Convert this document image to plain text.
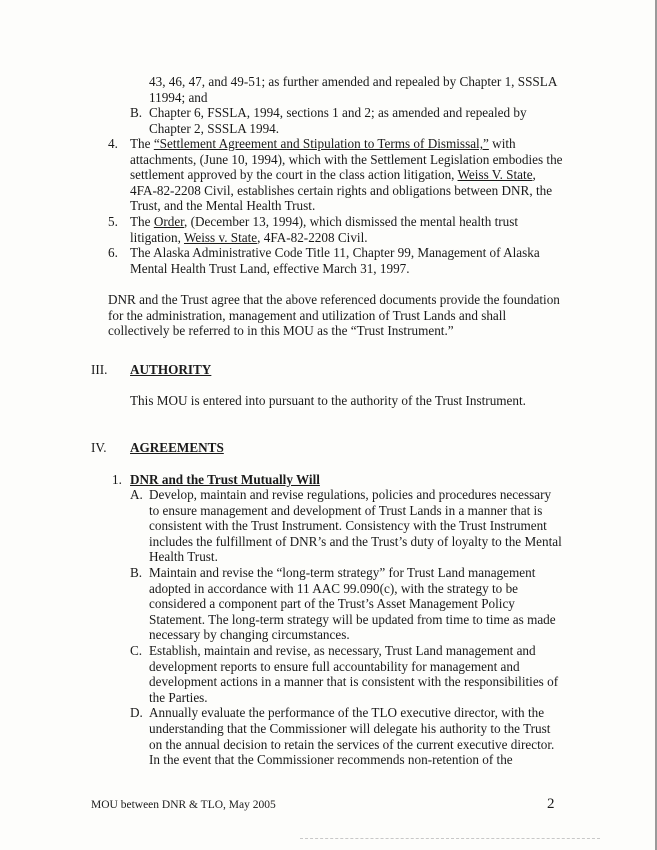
43, 46, 47, and 49-51; as further amended and repealed by Chapter 1, SSSLA
11994; and
B. Chapter 6, FSSLA, 1994, sections 1 and 2; as amended and repealed by
Chapter 2, SSSLA 1994.
4. The “Settlement Agreement and Stipulation to Terms of Dismissal,” with
attachments, (June 10, 1994), which with the Settlement Legislation embodies the
settlement approved by the court in the class action litigation, Weiss V. State,
4FA-82-2208 Civil, establishes certain rights and obligations between DNR, the
Trust, and the Mental Health Trust.
5. The Order, (December 13, 1994), which dismissed the mental health trust
litigation, Weiss v. State, 4FA-82-2208 Civil.
6. The Alaska Administrative Code Title 11, Chapter 99, Management of Alaska
Mental Health Trust Land, effective March 31, 1997.
DNR and the Trust agree that the above referenced documents provide the foundation
for the administration, management and utilization of Trust Lands and shall
collectively be referred to in this MOU as the “Trust Instrument.”
III. AUTHORITY
This MOU is entered into pursuant to the authority of the Trust Instrument.
IV. AGREEMENTS
1. DNR and the Trust Mutually Will
A. Develop, maintain and revise regulations, policies and procedures necessary
to ensure management and development of Trust Lands in a manner that is
consistent with the Trust Instrument. Consistency with the Trust Instrument
includes the fulfillment of DNR’s and the Trust’s duty of loyalty to the Mental
Health Trust.
B. Maintain and revise the “long-term strategy” for Trust Land management
adopted in accordance with 11 AAC 99.090(c), with the strategy to be
considered a component part of the Trust’s Asset Management Policy
Statement. The long-term strategy will be updated from time to time as made
necessary by changing circumstances.
C. Establish, maintain and revise, as necessary, Trust Land management and
development reports to ensure full accountability for management and
development actions in a manner that is consistent with the responsibilities of
the Parties.
D. Annually evaluate the performance of the TLO executive director, with the
understanding that the Commissioner will delegate his authority to the Trust
on the annual decision to retain the services of the current executive director.
In the event that the Commissioner recommends non-retention of the
MOU between DNR & TLO, May 2005	2
